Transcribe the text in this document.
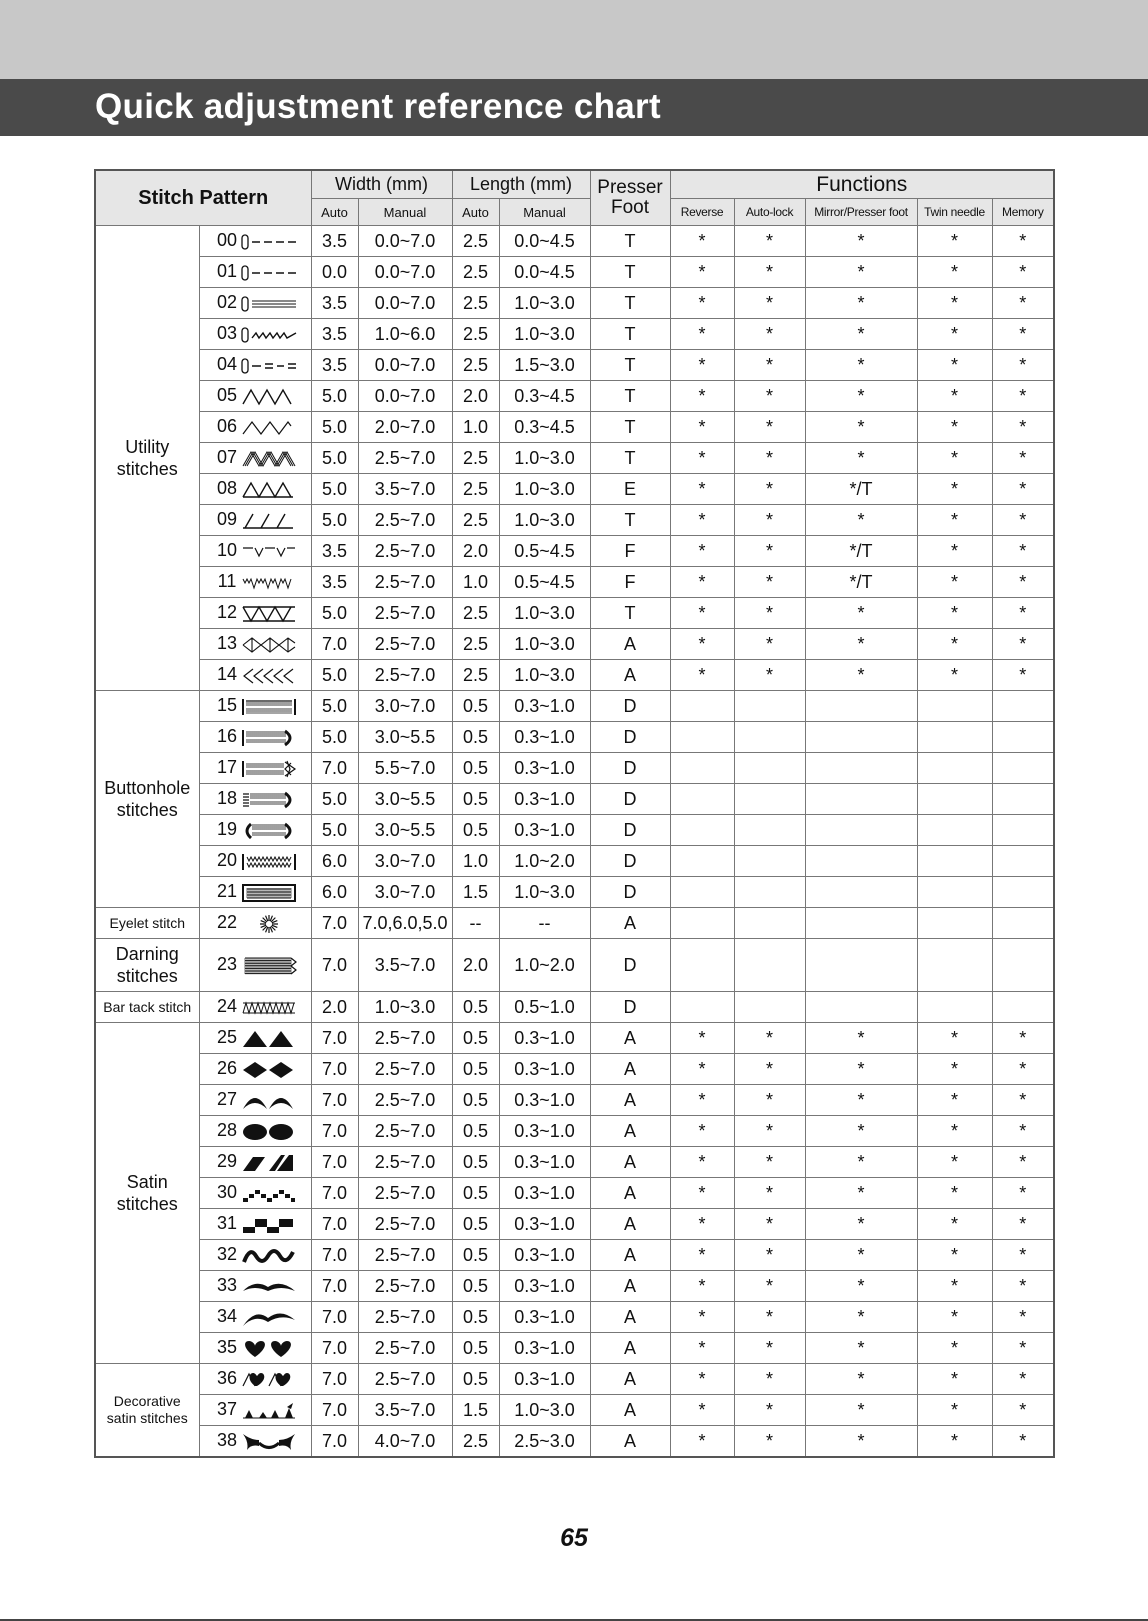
Quick adjustment reference chart
Stitch Pattern		Width (mm)		Length (mm)		Presser
Foot	Functions				
		Auto	Manual	Auto	Manual		Reverse	Auto-lock	Mirror/Presser foot	Twin needle	Memory
Utility
stitches	00	3.5	0.0~7.0	2.5	0.0~4.5	T	*	*	*	*	*
	01	0.0	0.0~7.0	2.5	0.0~4.5	T	*	*	*	*	*
	02	3.5	0.0~7.0	2.5	1.0~3.0	T	*	*	*	*	*
	03	3.5	1.0~6.0	2.5	1.0~3.0	T	*	*	*	*	*
	04	3.5	0.0~7.0	2.5	1.5~3.0	T	*	*	*	*	*
	05	5.0	0.0~7.0	2.0	0.3~4.5	T	*	*	*	*	*
	06	5.0	2.0~7.0	1.0	0.3~4.5	T	*	*	*	*	*
	07	5.0	2.5~7.0	2.5	1.0~3.0	T	*	*	*	*	*
	08	5.0	3.5~7.0	2.5	1.0~3.0	E	*	*	*/T	*	*
	09	5.0	2.5~7.0	2.5	1.0~3.0	T	*	*	*	*	*
	10	3.5	2.5~7.0	2.0	0.5~4.5	F	*	*	*/T	*	*
	11	3.5	2.5~7.0	1.0	0.5~4.5	F	*	*	*/T	*	*
	12	5.0	2.5~7.0	2.5	1.0~3.0	T	*	*	*	*	*
	13	7.0	2.5~7.0	2.5	1.0~3.0	A	*	*	*	*	*
	14	5.0	2.5~7.0	2.5	1.0~3.0	A	*	*	*	*	*
Buttonhole
stitches	15	5.0	3.0~7.0	0.5	0.3~1.0	D					
	16	5.0	3.0~5.5	0.5	0.3~1.0	D					
	17	7.0	5.5~7.0	0.5	0.3~1.0	D					
	18	5.0	3.0~5.5	0.5	0.3~1.0	D					
	19	5.0	3.0~5.5	0.5	0.3~1.0	D					
	20	6.0	3.0~7.0	1.0	1.0~2.0	D					
	21	6.0	3.0~7.0	1.5	1.0~3.0	D					
Eyelet stitch	22	7.0	7.0,6.0,5.0	--	--	A					
Darning
stitches	23	7.0	3.5~7.0	2.0	1.0~2.0	D					
Bar tack stitch	24	2.0	1.0~3.0	0.5	0.5~1.0	D					
Satin
stitches	25	7.0	2.5~7.0	0.5	0.3~1.0	A	*	*	*	*	*
	26	7.0	2.5~7.0	0.5	0.3~1.0	A	*	*	*	*	*
	27	7.0	2.5~7.0	0.5	0.3~1.0	A	*	*	*	*	*
	28	7.0	2.5~7.0	0.5	0.3~1.0	A	*	*	*	*	*
	29	7.0	2.5~7.0	0.5	0.3~1.0	A	*	*	*	*	*
	30	7.0	2.5~7.0	0.5	0.3~1.0	A	*	*	*	*	*
	31	7.0	2.5~7.0	0.5	0.3~1.0	A	*	*	*	*	*
	32	7.0	2.5~7.0	0.5	0.3~1.0	A	*	*	*	*	*
	33	7.0	2.5~7.0	0.5	0.3~1.0	A	*	*	*	*	*
	34	7.0	2.5~7.0	0.5	0.3~1.0	A	*	*	*	*	*
	35	7.0	2.5~7.0	0.5	0.3~1.0	A	*	*	*	*	*
Decorative
satin stitches	36	7.0	2.5~7.0	0.5	0.3~1.0	A	*	*	*	*	*
	37	7.0	3.5~7.0	1.5	1.0~3.0	A	*	*	*	*	*
	38	7.0	4.0~7.0	2.5	2.5~3.0	A	*	*	*	*	*
65
